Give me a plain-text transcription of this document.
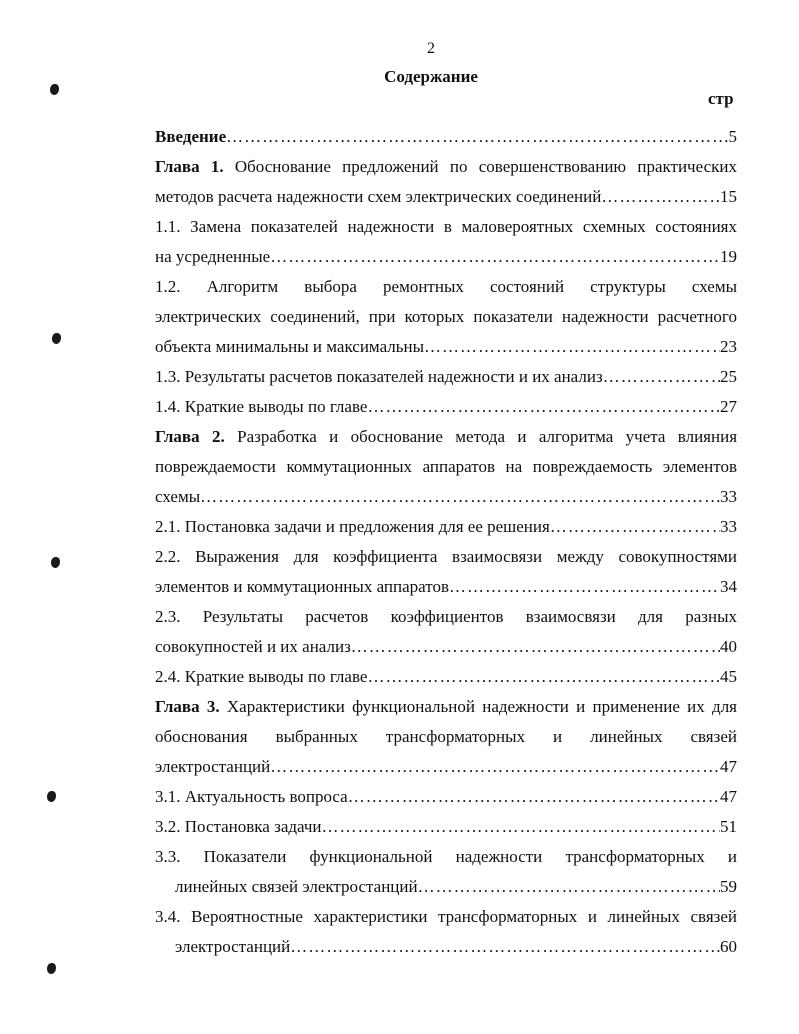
2
Содержание
стр
Введение …………………………………………………………………………………………………………………………………	5
Глава 1. Обоснование предложений по совершенствованию практических
методов расчета надежности схем электрических соединений …………………………………………………………………………………………………………………………………	15
1.1. Замена показателей надежности в маловероятных схемных состояниях
на усредненные …………………………………………………………………………………………………………………………………	19
1.2. Алгоритм выбора ремонтных сoстояний структуры схемы
электрических соединений, при которых показатели надежности расчетного
объекта минимальны и максимальны …………………………………………………………………………………………………………………………………	23
1.3. Результаты расчетов показателей надежности и их анализ …………………………………………………………………………………………………………………………………	25
1.4. Краткие выводы по главе …………………………………………………………………………………………………………………………………	27
Глава 2. Разработка и обоснование метода и алгоритма учета влияния
повреждаемости коммутационных аппаратов на повреждаемость элементов
схемы …………………………………………………………………………………………………………………………………	33
2.1. Постановка задачи и предложения для ее решения …………………………………………………………………………………………………………………………………	33
2.2. Выражения для коэффициента взаимосвязи между совокупностями
элементов и коммутационных аппаратов …………………………………………………………………………………………………………………………………	34
2.3. Результаты расчетов коэффициентов взаимосвязи для разных
совокупностей и их анализ …………………………………………………………………………………………………………………………………	40
2.4. Краткие выводы по главе …………………………………………………………………………………………………………………………………	45
Глава 3. Характеристики функциональной надежности и применение их для
обоснования выбранных трансформаторных и линейных связей
электростанций …………………………………………………………………………………………………………………………………	47
3.1. Актуальность вопроса …………………………………………………………………………………………………………………………………	47
3.2. Постановка задачи …………………………………………………………………………………………………………………………………	51
3.3. Показатели функциональной надежности трансформаторных и
линейных связей электростанций …………………………………………………………………………………………………………………………………	59
3.4. Вероятностные характеристики трансформаторных и линейных связей
электростанций …………………………………………………………………………………………………………………………………	60
